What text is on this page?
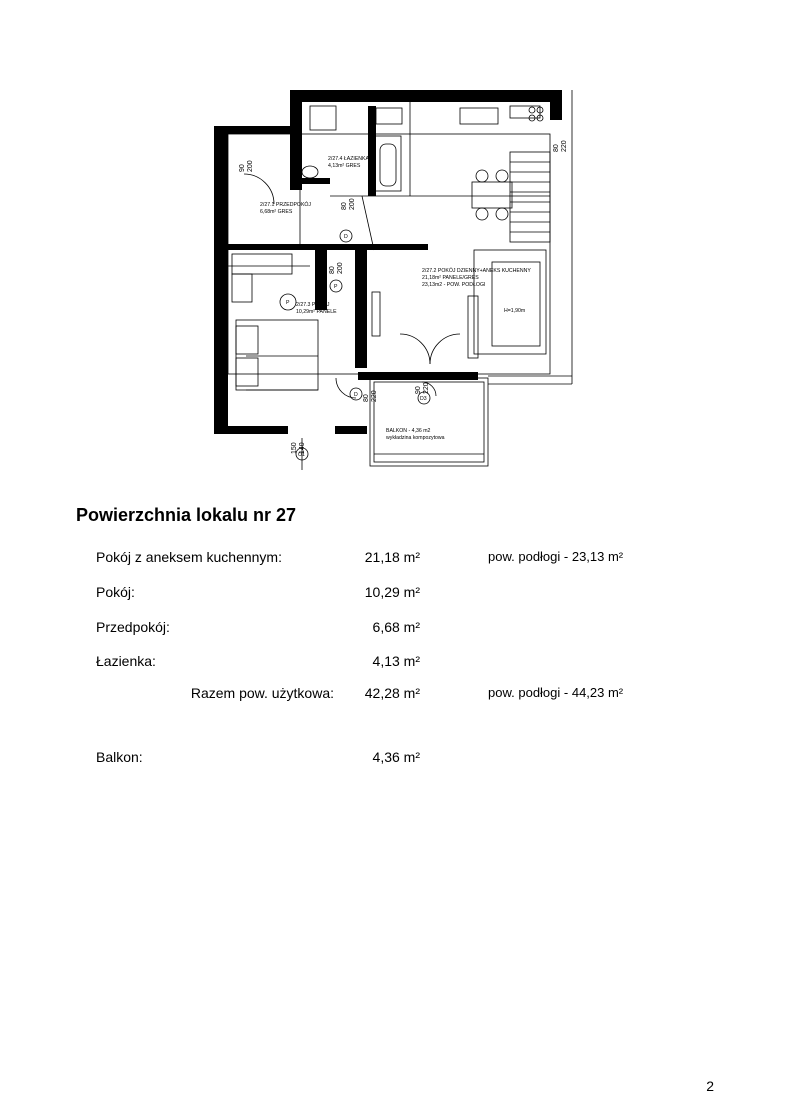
2/27.4 ŁAZIENKA 4,13m² GRES
2/27.1 PRZEDPOKÓJ 6,68m² GRES
2/27.3 POKÓJ 10,29m² PANELE
2/27.2 POKÓJ DZIENNY+ANEKS KUCHENNY 21,18m² PANELE/GRES 23,13m2 - POW. PODŁOGI
BALKON - 4,36 m2 wykładzina kompozytowa
H=1,90m
90 200
80 200
80 200
80 220
90 220
150 140
80 220
D
P
P
D
O1
D3
Powierzchnia lokalu nr 27
Pokój z aneksem kuchennym:	21,18 m²	pow. podłogi - 23,13 m²
Pokój:	10,29 m²
Przedpokój:	6,68 m²
Łazienka:	4,13 m²
Razem pow. użytkowa: 42,28 m²	pow. podłogi - 44,23 m²
Balkon:	4,36 m²
2
